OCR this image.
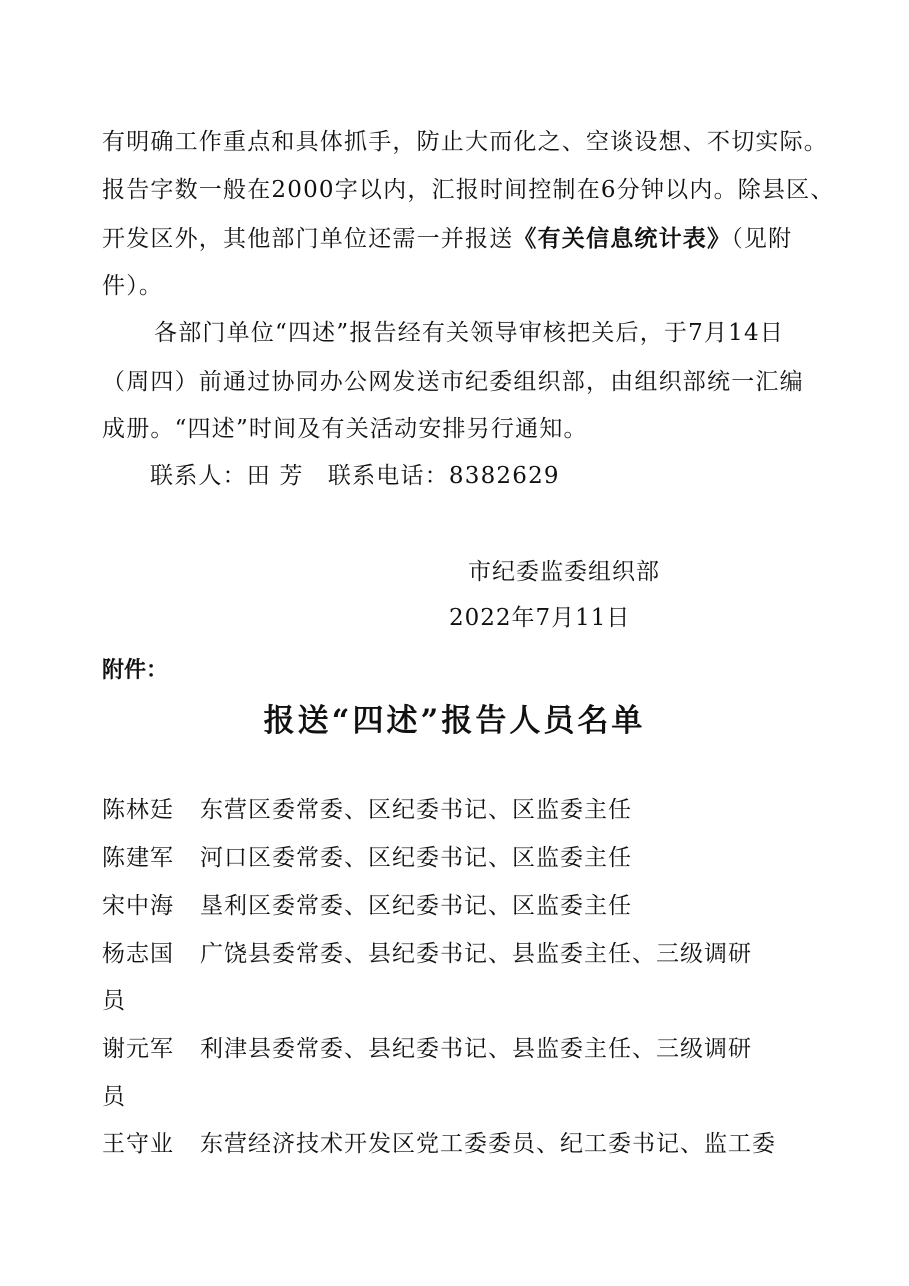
有明确工作重点和具体抓手，防止大而化之、空谈设想、不切实际。
报告字数一般在2000字以内，汇报时间控制在6分钟以内。除县区、
开发区外，其他部门单位还需一并报送《有关信息统计表》（见附
件）。
各部门单位“四述”报告经有关领导审核把关后，于7月14日
（周四）前通过协同办公网发送市纪委组织部，由组织部统一汇编
成册。“四述”时间及有关活动安排另行通知。
联系人：田 芳　联系电话：8382629
市纪委监委组织部
2022年7月11日
附件：
报送“四述”报告人员名单
陈林廷 东营区委常委、区纪委书记、区监委主任
陈建军 河口区委常委、区纪委书记、区监委主任
宋中海 垦利区委常委、区纪委书记、区监委主任
杨志国 广饶县委常委、县纪委书记、县监委主任、三级调研
员
谢元军 利津县委常委、县纪委书记、县监委主任、三级调研
员
王守业 东营经济技术开发区党工委委员、纪工委书记、监工委
